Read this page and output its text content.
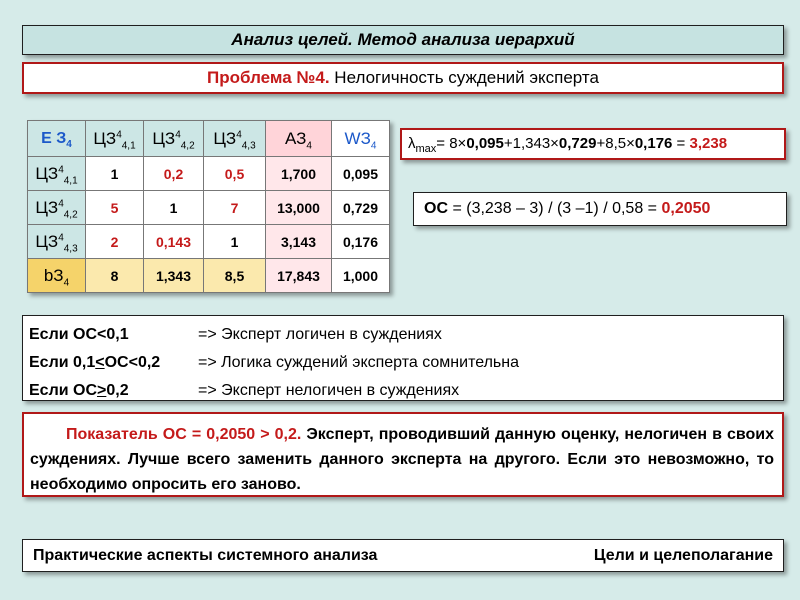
Анализ целей. Метод анализа иерархий
Проблема №4. Нелогичность суждений эксперта
Е $З_4$	$ЦЗ^4_{4,1}$	$ЦЗ^4_{4,2}$	$ЦЗ^4_{4,3}$	$АЗ_4$	$WЗ_4$
$ЦЗ^4_{4,1}$	1	0,2	0,5	1,700	0,095
$ЦЗ^4_{4,2}$	5	1	7	13,000	0,729
$ЦЗ^4_{4,3}$	2	0,143	1	3,143	0,176
$bЗ_4$	8	1,343	8,5	17,843	1,000
$\lambda_{max}= 8\times 0,095+1,343\times 0,729+8,5\times 0,176 = 3,238$
ОС = (3,238 – 3) / (3 –1) / 0,58 = 0,2050
Если ОС<0,1	=> Эксперт логичен в суждениях
Если 0,1<ОС<0,2	=> Логика суждений эксперта сомнительна
Если ОС>0,2	=> Эксперт нелогичен в суждениях
Показатель ОС = 0,2050 > 0,2. Эксперт, проводивший данную оценку, нелогичен в своих суждениях. Лучше всего заменить данного эксперта на другого. Если это невозможно, то необходимо опросить его заново.
Практические аспекты системного анализа	Цели и целеполагание
